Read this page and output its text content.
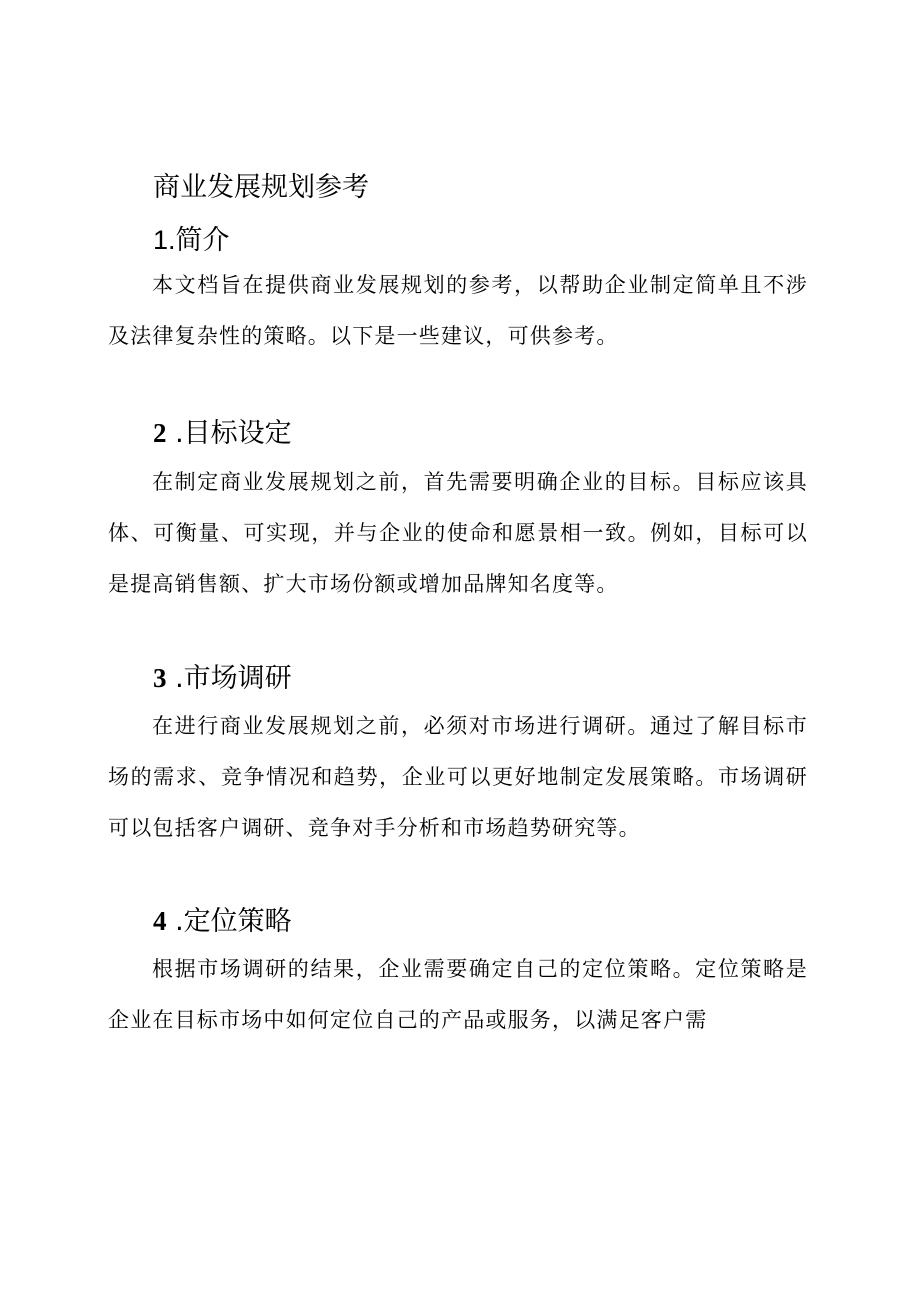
商业发展规划参考
1.简介
本文档旨在提供商业发展规划的参考，以帮助企业制定简单且不涉及法律复杂性的策略。以下是一些建议，可供参考。
2 .目标设定
在制定商业发展规划之前，首先需要明确企业的目标。目标应该具体、可衡量、可实现，并与企业的使命和愿景相一致。例如，目标可以是提高销售额、扩大市场份额或增加品牌知名度等。
3 .市场调研
在进行商业发展规划之前，必须对市场进行调研。通过了解目标市场的需求、竞争情况和趋势，企业可以更好地制定发展策略。市场调研可以包括客户调研、竞争对手分析和市场趋势研究等。
4 .定位策略
根据市场调研的结果，企业需要确定自己的定位策略。定位策略是企业在目标市场中如何定位自己的产品或服务，以满足客户需
